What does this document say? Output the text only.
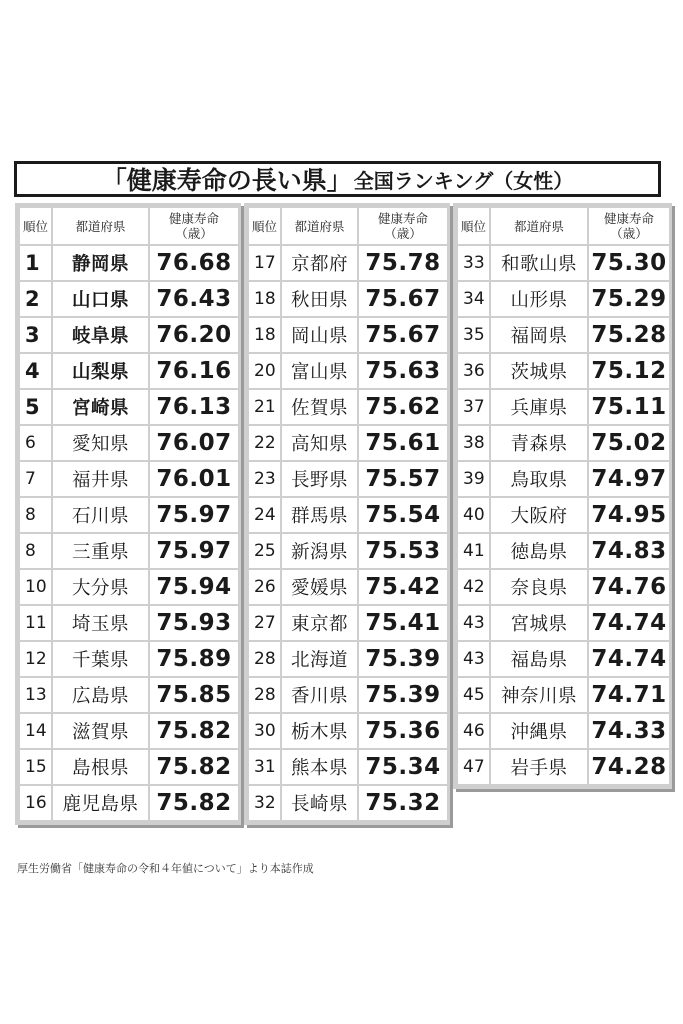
「健康寿命の長い県」 全国ランキング（女性）
順位	都道府県	健康寿命
（歳）
1	静岡県	76.68
2	山口県	76.43
3	岐阜県	76.20
4	山梨県	76.16
5	宮崎県	76.13
6	愛知県	76.07
7	福井県	76.01
8	石川県	75.97
8	三重県	75.97
10	大分県	75.94
11	埼玉県	75.93
12	千葉県	75.89
13	広島県	75.85
14	滋賀県	75.82
15	島根県	75.82
16	鹿児島県	75.82
順位	都道府県	健康寿命
（歳）
17	京都府	75.78
18	秋田県	75.67
18	岡山県	75.67
20	富山県	75.63
21	佐賀県	75.62
22	高知県	75.61
23	長野県	75.57
24	群馬県	75.54
25	新潟県	75.53
26	愛媛県	75.42
27	東京都	75.41
28	北海道	75.39
28	香川県	75.39
30	栃木県	75.36
31	熊本県	75.34
32	長崎県	75.32
順位	都道府県	健康寿命
（歳）
33	和歌山県	75.30
34	山形県	75.29
35	福岡県	75.28
36	茨城県	75.12
37	兵庫県	75.11
38	青森県	75.02
39	鳥取県	74.97
40	大阪府	74.95
41	徳島県	74.83
42	奈良県	74.76
43	宮城県	74.74
43	福島県	74.74
45	神奈川県	74.71
46	沖縄県	74.33
47	岩手県	74.28
厚生労働省「健康寿命の令和４年値について」より本誌作成
